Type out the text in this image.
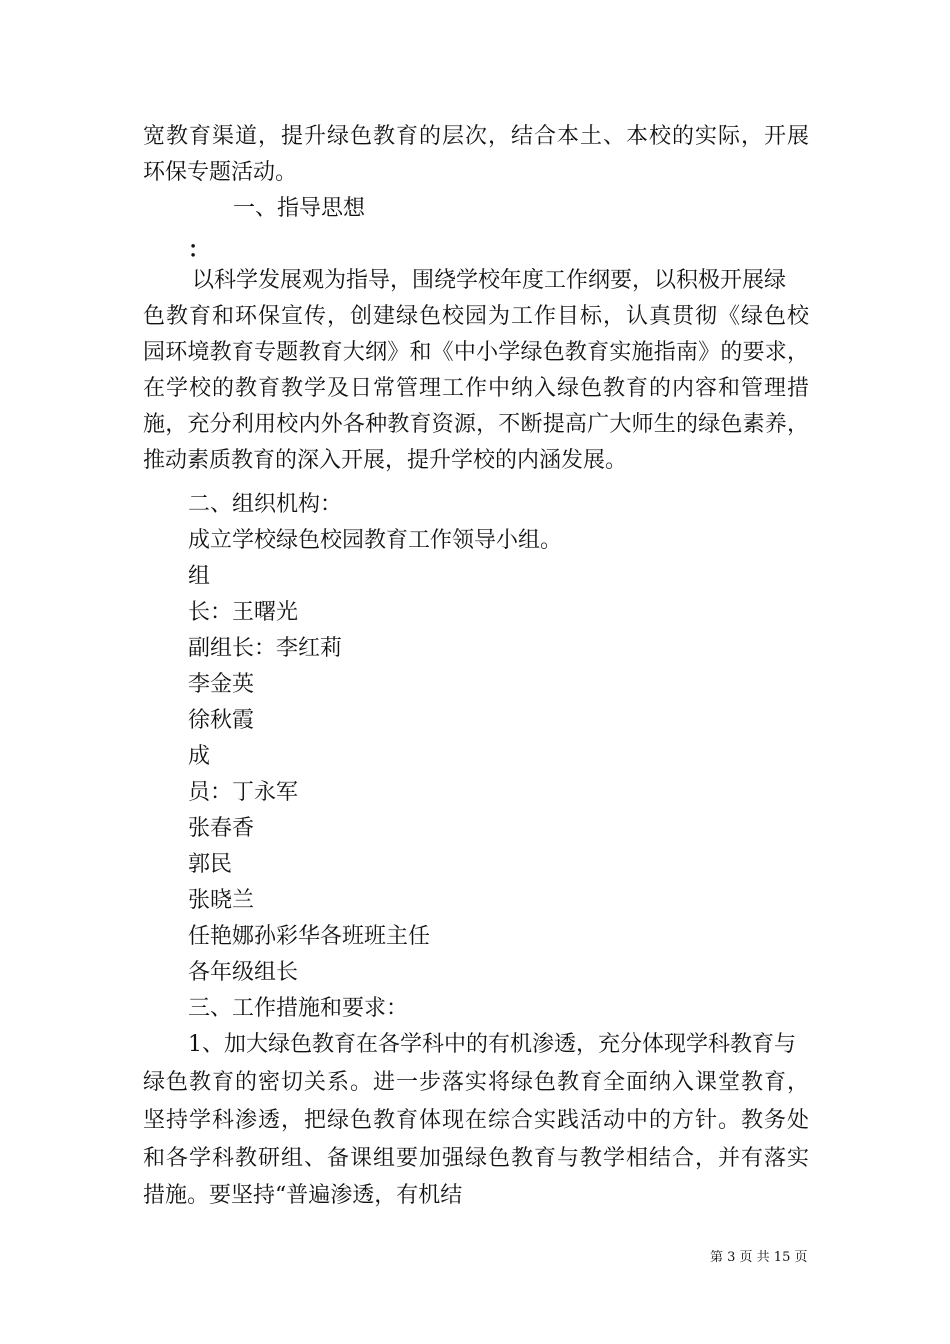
宽教育渠道，提升绿色教育的层次，结合本土、本校的实际，开展
环保专题活动。
一、指导思想
：
以科学发展观为指导，围绕学校年度工作纲要，以积极开展绿
色教育和环保宣传，创建绿色校园为工作目标，认真贯彻《绿色校
园环境教育专题教育大纲》和《中小学绿色教育实施指南》的要求，
在学校的教育教学及日常管理工作中纳入绿色教育的内容和管理措
施，充分利用校内外各种教育资源，不断提高广大师生的绿色素养，
推动素质教育的深入开展，提升学校的内涵发展。
二、组织机构：
成立学校绿色校园教育工作领导小组。
组
长：王曙光
副组长：李红莉
李金英
徐秋霞
成
员：丁永军
张春香
郭民
张晓兰
任艳娜孙彩华各班班主任
各年级组长
三、工作措施和要求：
1、加大绿色教育在各学科中的有机渗透，充分体现学科教育与
绿色教育的密切关系。进一步落实将绿色教育全面纳入课堂教育，
坚持学科渗透，把绿色教育体现在综合实践活动中的方针。教务处
和各学科教研组、备课组要加强绿色教育与教学相结合，并有落实
措施。要坚持“普遍渗透，有机结
第 3 页 共 15 页
